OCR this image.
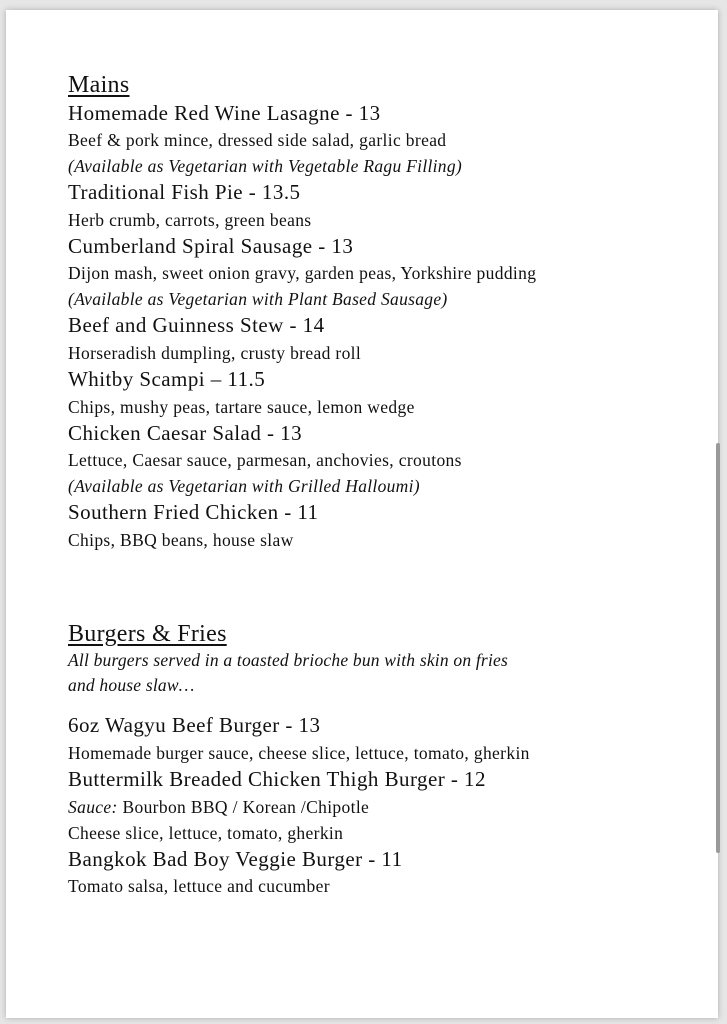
Mains
Homemade Red Wine Lasagne - 13
Beef & pork mince, dressed side salad, garlic bread
(Available as Vegetarian with Vegetable Ragu Filling)
Traditional Fish Pie - 13.5
Herb crumb, carrots, green beans
Cumberland Spiral Sausage - 13
Dijon mash, sweet onion gravy, garden peas, Yorkshire pudding
(Available as Vegetarian with Plant Based Sausage)
Beef and Guinness Stew - 14
Horseradish dumpling, crusty bread roll
Whitby Scampi – 11.5
Chips, mushy peas, tartare sauce, lemon wedge
Chicken Caesar Salad - 13
Lettuce, Caesar sauce, parmesan, anchovies, croutons
(Available as Vegetarian with Grilled Halloumi)
Southern Fried Chicken - 11
Chips, BBQ beans, house slaw
Burgers & Fries
All burgers served in a toasted brioche bun with skin on fries
and house slaw…
6oz Wagyu Beef Burger - 13
Homemade burger sauce, cheese slice, lettuce, tomato, gherkin
Buttermilk Breaded Chicken Thigh Burger - 12
Sauce: Bourbon BBQ / Korean /Chipotle
Cheese slice, lettuce, tomato, gherkin
Bangkok Bad Boy Veggie Burger - 11
Tomato salsa, lettuce and cucumber
